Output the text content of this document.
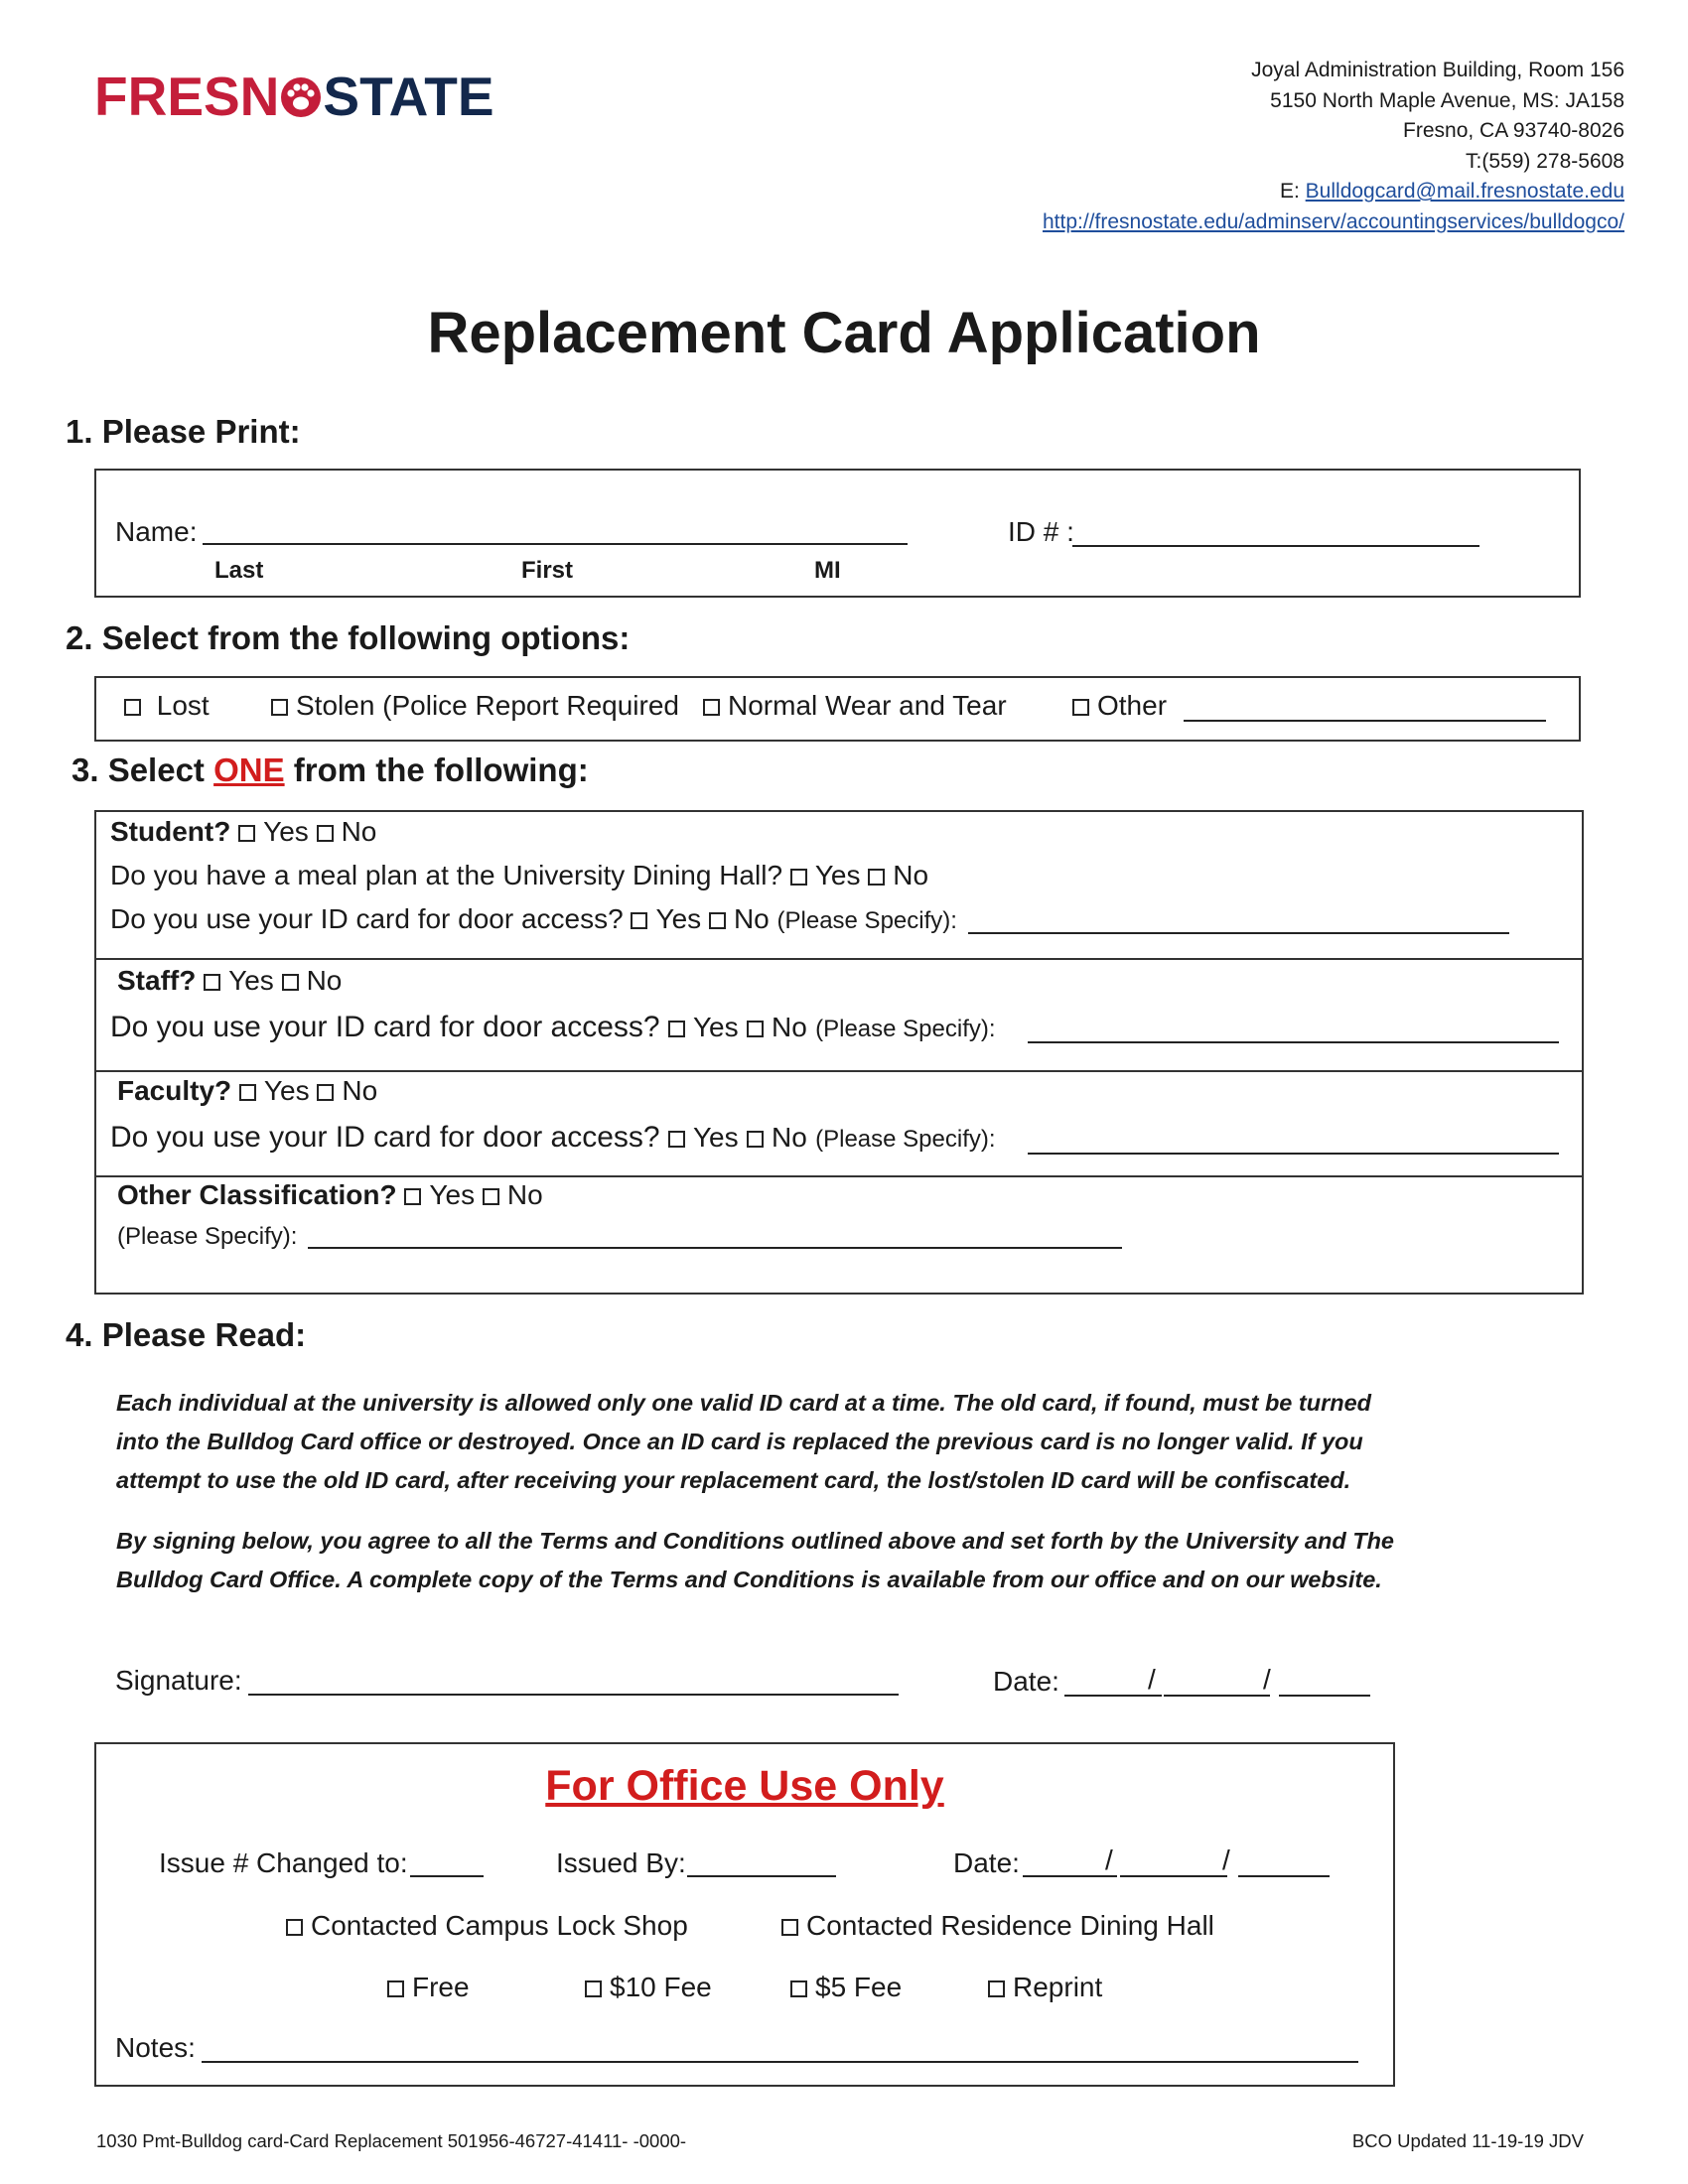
FRESN STATE	Joyal Administration Building, Room 156
5150 North Maple Avenue, MS: JA158
Fresno, CA 93740-8026
T:(559) 278-5608
E: Bulldogcard@mail.fresnostate.edu
http://fresnostate.edu/adminserv/accountingservices/bulldogco/
Replacement Card Application
1. Please Print:
Name:
Last	First	MI
ID # :
2. Select from the following options:
Lost	Stolen (Police Report Required	Normal Wear and Tear	Other
3. Select ONE from the following:
Student? Yes No
Do you have a meal plan at the University Dining Hall? Yes No
Do you use your ID card for door access? Yes No (Please Specify):
Staff? Yes No
Do you use your ID card for door access? Yes No (Please Specify):
Faculty? Yes No
Do you use your ID card for door access? Yes No (Please Specify):
Other Classification? Yes No
(Please Specify):
4. Please Read:
Each individual at the university is allowed only one valid ID card at a time. The old card, if found, must be turned into the Bulldog Card office or destroyed. Once an ID card is replaced the previous card is no longer valid. If you attempt to use the old ID card, after receiving your replacement card, the lost/stolen ID card will be confiscated.
By signing below, you agree to all the Terms and Conditions outlined above and set forth by the University and The Bulldog Card Office. A complete copy of the Terms and Conditions is available from our office and on our website.
Signature:	Date:	/	/
For Office Use Only
Issue # Changed to:	Issued By:	Date:	/	/
Contacted Campus Lock Shop	Contacted Residence Dining Hall
Free	$10 Fee	$5 Fee	Reprint
Notes:
1030 Pmt-Bulldog card-Card Replacement 501956-46727-41411- -0000-	BCO Updated 11-19-19 JDV
